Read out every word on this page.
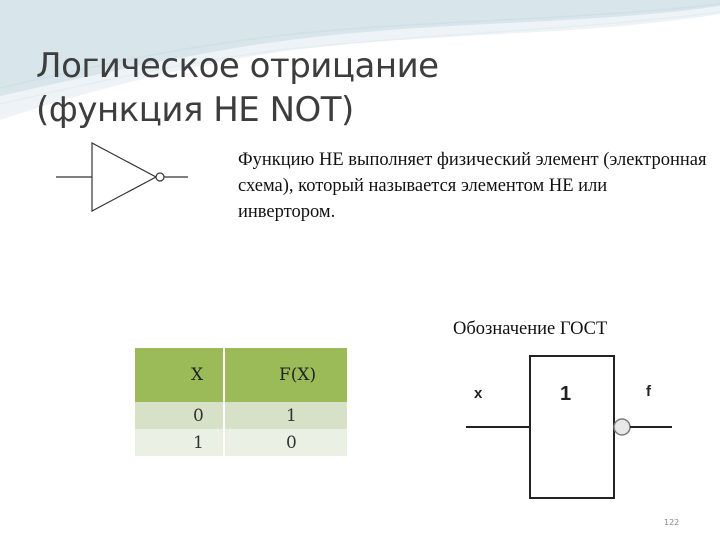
Логическое отрицание
(функция НЕ NOT)

Функцию НЕ выполняет физический элемент (электронная схема), который называется элементом НЕ или инвертором.

Обозначение ГОСТ
X	F(X)
0	1
1	0
x	f
1
122
